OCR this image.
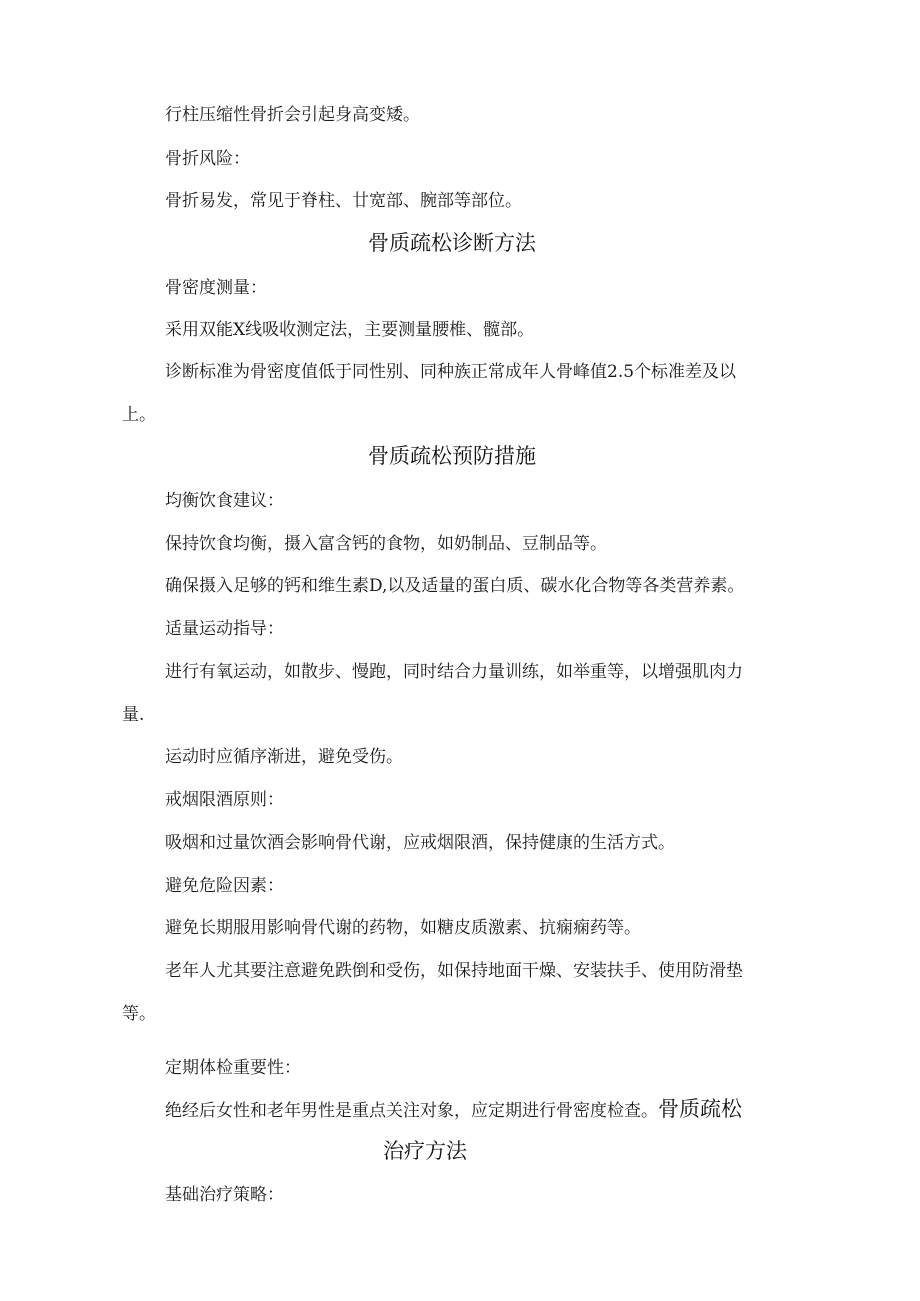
行柱压缩性骨折会引起身高变矮。
骨折风险：
骨折易发，常见于脊柱、廿宽部、腕部等部位。
骨质疏松诊断方法
骨密度测量：
采用双能X线吸收测定法，主要测量腰椎、髋部。
诊断标准为骨密度值低于同性别、同种族正常成年人骨峰值2.5个标准差及以
上。
骨质疏松预防措施
均衡饮食建议：
保持饮食均衡，摄入富含钙的食物，如奶制品、豆制品等。
确保摄入足够的钙和维生素D,以及适量的蛋白质、碳水化合物等各类营养素。
适量运动指导：
进行有氧运动，如散步、慢跑，同时结合力量训练，如举重等，以增强肌肉力
量.
运动时应循序渐进，避免受伤。
戒烟限酒原则：
吸烟和过量饮酒会影响骨代谢，应戒烟限酒，保持健康的生活方式。
避免危险因素：
避免长期服用影响骨代谢的药物，如糖皮质激素、抗痫痫药等。
老年人尤其要注意避免跌倒和受伤，如保持地面干燥、安装扶手、使用防滑垫
等。
定期体检重要性：
绝经后女性和老年男性是重点关注对象，应定期进行骨密度检查。骨质疏松
治疗方法
基础治疗策略：
